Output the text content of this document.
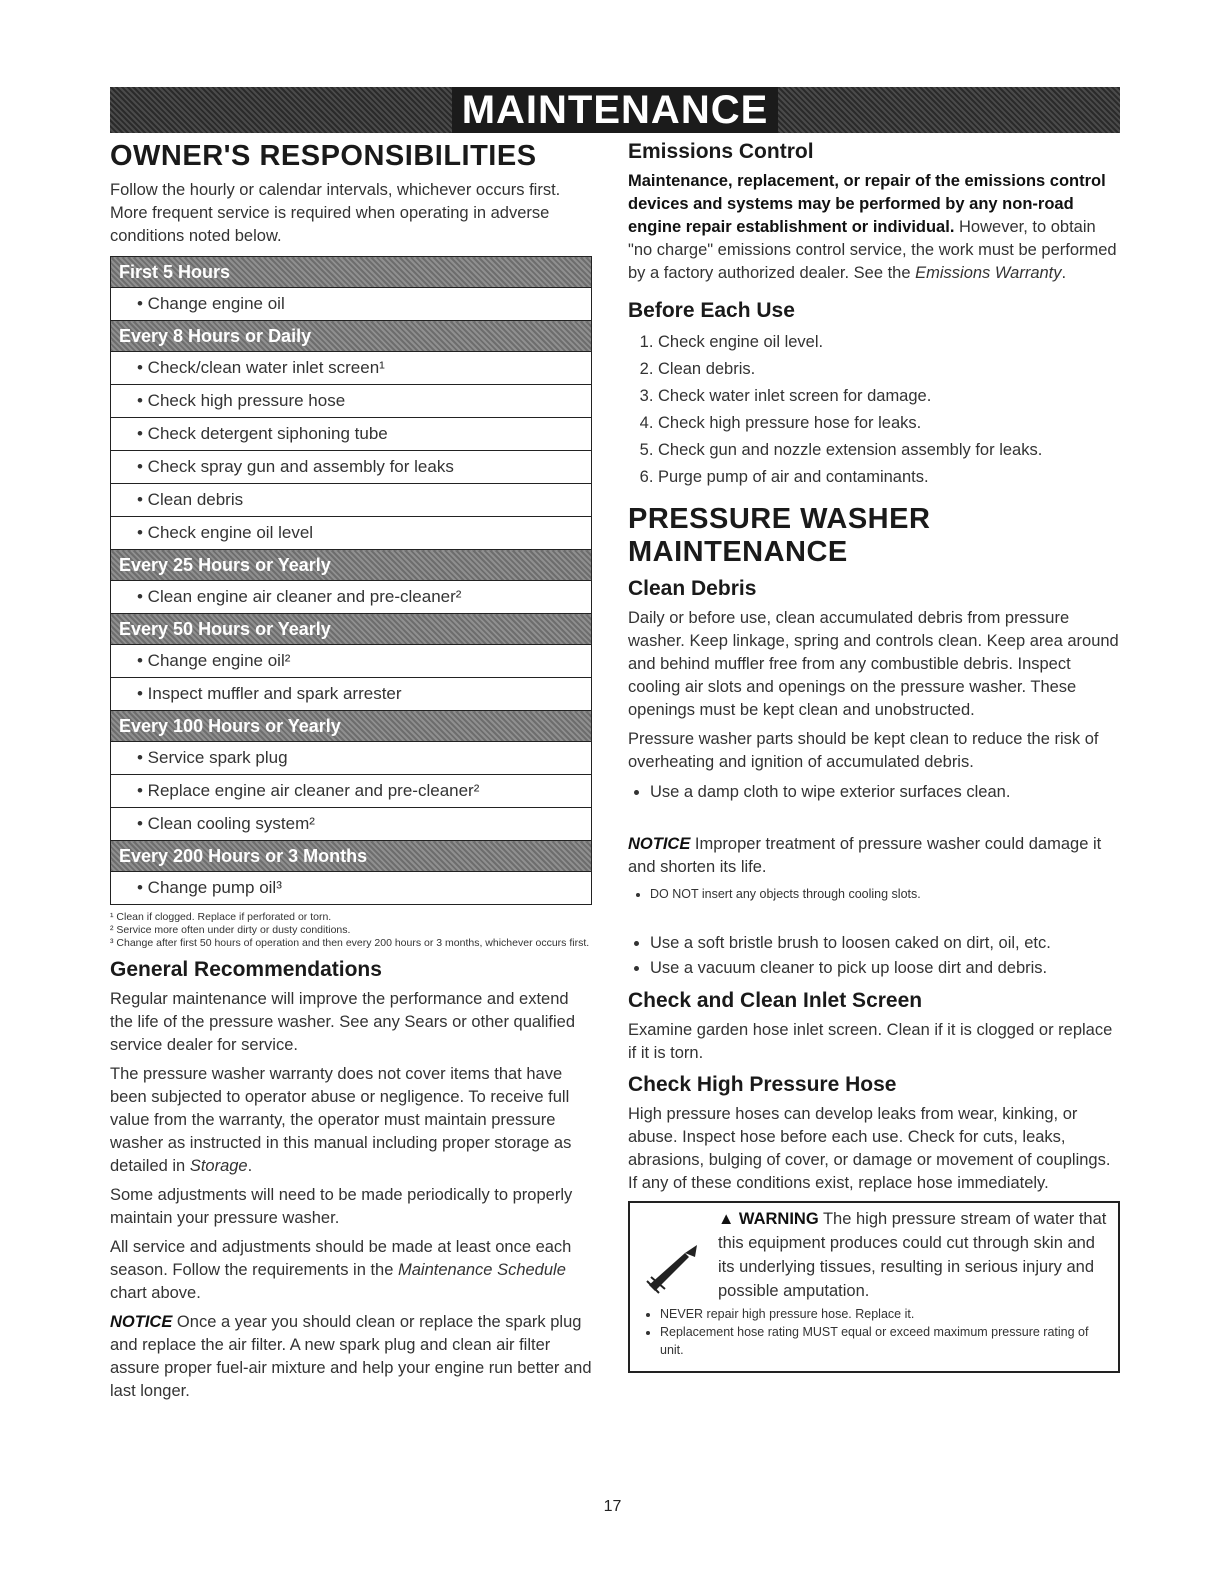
MAINTENANCE
OWNER'S RESPONSIBILITIES

Follow the hourly or calendar intervals, whichever occurs first. More frequent service is required when operating in adverse conditions noted below.

First 5 Hours
• Change engine oil
Every 8 Hours or Daily
• Check/clean water inlet screen¹
• Check high pressure hose
• Check detergent siphoning tube
• Check spray gun and assembly for leaks
• Clean debris
• Check engine oil level
Every 25 Hours or Yearly
• Clean engine air cleaner and pre-cleaner²
Every 50 Hours or Yearly
• Change engine oil²
• Inspect muffler and spark arrester
Every 100 Hours or Yearly
• Service spark plug
• Replace engine air cleaner and pre-cleaner²
• Clean cooling system²
Every 200 Hours or 3 Months
• Change pump oil³

¹ Clean if clogged. Replace if perforated or torn.

² Service more often under dirty or dusty conditions.

³ Change after first 50 hours of operation and then every 200 hours or 3 months, whichever occurs first.

General Recommendations

Regular maintenance will improve the performance and extend the life of the pressure washer. See any Sears or other qualified service dealer for service.

The pressure washer warranty does not cover items that have been subjected to operator abuse or negligence. To receive full value from the warranty, the operator must maintain pressure washer as instructed in this manual including proper storage as detailed in Storage.

Some adjustments will need to be made periodically to properly maintain your pressure washer.

All service and adjustments should be made at least once each season. Follow the requirements in the Maintenance Schedule chart above.

NOTICE Once a year you should clean or replace the spark plug and replace the air filter. A new spark plug and clean air filter assure proper fuel-air mixture and help your engine run better and last longer.

Emissions Control

Maintenance, replacement, or repair of the emissions control devices and systems may be performed by any non-road engine repair establishment or individual. However, to obtain "no charge" emissions control service, the work must be performed by a factory authorized dealer. See the Emissions Warranty.

Before Each Use
1. Check engine oil level.
2. Clean debris.
3. Check water inlet screen for damage.
4. Check high pressure hose for leaks.
5. Check gun and nozzle extension assembly for leaks.
6. Purge pump of air and contaminants.
PRESSURE WASHER MAINTENANCE
Clean Debris

Daily or before use, clean accumulated debris from pressure washer. Keep linkage, spring and controls clean. Keep area around and behind muffler free from any combustible debris. Inspect cooling air slots and openings on the pressure washer. These openings must be kept clean and unobstructed.

Pressure washer parts should be kept clean to reduce the risk of overheating and ignition of accumulated debris.

• Use a damp cloth to wipe exterior surfaces clean.

NOTICE Improper treatment of pressure washer could damage it and shorten its life.

• DO NOT insert any objects through cooling slots.
• Use a soft bristle brush to loosen caked on dirt, oil, etc.
• Use a vacuum cleaner to pick up loose dirt and debris.
Check and Clean Inlet Screen

Examine garden hose inlet screen. Clean if it is clogged or replace if it is torn.

Check High Pressure Hose

High pressure hoses can develop leaks from wear, kinking, or abuse. Inspect hose before each use. Check for cuts, leaks, abrasions, bulging of cover, or damage or movement of couplings. If any of these conditions exist, replace hose immediately.

▲ WARNING The high pressure stream of water that this equipment produces could cut through skin and its underlying tissues, resulting in serious injury and possible amputation.
• NEVER repair high pressure hose. Replace it.
• Replacement hose rating MUST equal or exceed maximum pressure rating of unit.
17
